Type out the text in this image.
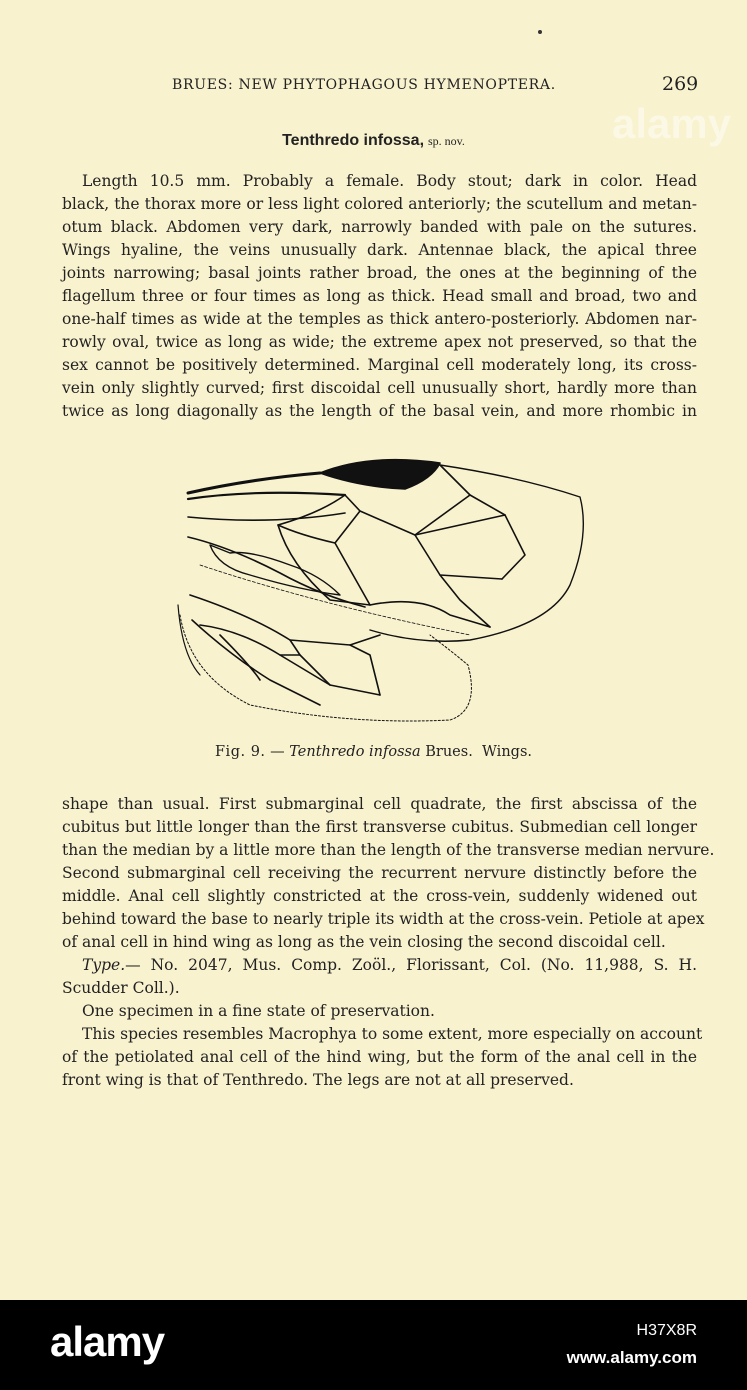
BRUES: NEW PHYTOPHAGOUS HYMENOPTERA.	269
alamy
Tenthredo infossa, sp. nov.
Length 10.5 mm. Probably a female. Body stout; dark in color. Head
black, the thorax more or less light colored anteriorly; the scutellum and metan-
otum black. Abdomen very dark, narrowly banded with pale on the sutures.
Wings hyaline, the veins unusually dark. Antennae black, the apical three
joints narrowing; basal joints rather broad, the ones at the beginning of the
flagellum three or four times as long as thick. Head small and broad, two and
one-half times as wide at the temples as thick antero-posteriorly. Abdomen nar-
rowly oval, twice as long as wide; the extreme apex not preserved, so that the
sex cannot be positively determined. Marginal cell moderately long, its cross-
vein only slightly curved; first discoidal cell unusually short, hardly more than
twice as long diagonally as the length of the basal vein, and more rhombic in
Fig. 9. — Tenthredo infossa Brues. Wings.
shape than usual. First submarginal cell quadrate, the first abscissa of the
cubitus but little longer than the first transverse cubitus. Submedian cell longer
than the median by a little more than the length of the transverse median nervure.
Second submarginal cell receiving the recurrent nervure distinctly before the
middle. Anal cell slightly constricted at the cross-vein, suddenly widened out
behind toward the base to nearly triple its width at the cross-vein. Petiole at apex
of anal cell in hind wing as long as the vein closing the second discoidal cell.
Type.— No. 2047, Mus. Comp. Zoöl., Florissant, Col. (No. 11,988, S. H.
Scudder Coll.).
One specimen in a fine state of preservation.
This species resembles Macrophya to some extent, more especially on account
of the petiolated anal cell of the hind wing, but the form of the anal cell in the
front wing is that of Tenthredo. The legs are not at all preserved.
alamy	H37X8R
www.alamy.com
